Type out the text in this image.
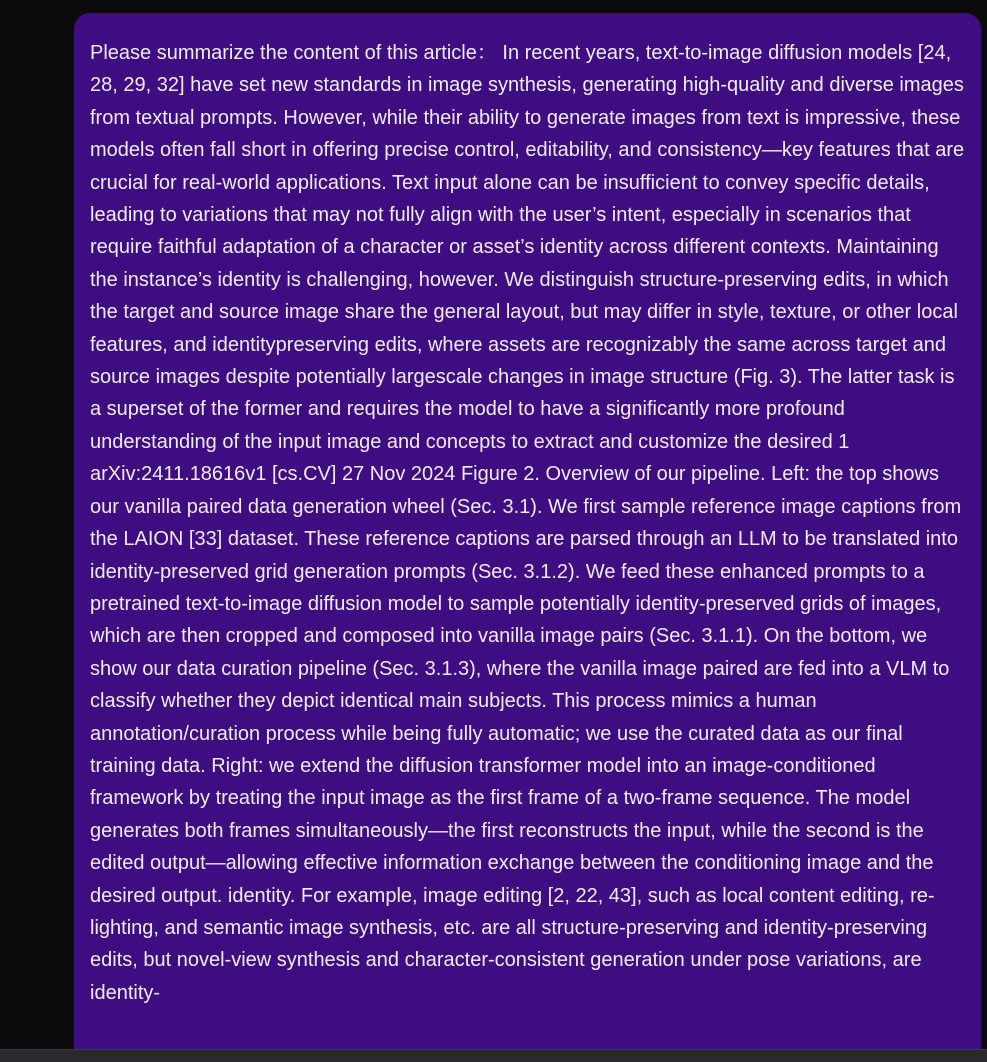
Please summarize the content of this article： In recent years, text-to-image diffusion models [24, 28, 29, 32] have set new standards in image synthesis, generating high-quality and diverse images from textual prompts. However, while their ability to generate images from text is impressive, these models often fall short in offering precise control, editability, and consistency—key features that are crucial for real-world applications. Text input alone can be insufficient to convey specific details, leading to variations that may not fully align with the user’s intent, especially in scenarios that require faithful adaptation of a character or asset’s identity across different contexts. Maintaining the instance’s identity is challenging, however. We distinguish structure-preserving edits, in which the target and source image share the general layout, but may differ in style, texture, or other local features, and identitypreserving edits, where assets are recognizably the same across target and source images despite potentially largescale changes in image structure (Fig. 3). The latter task is a superset of the former and requires the model to have a significantly more profound understanding of the input image and concepts to extract and customize the desired 1 arXiv:2411.18616v1 [cs.CV] 27 Nov 2024 Figure 2. Overview of our pipeline. Left: the top shows our vanilla paired data generation wheel (Sec. 3.1). We first sample reference image captions from the LAION [33] dataset. These reference captions are parsed through an LLM to be translated into identity-preserved grid generation prompts (Sec. 3.1.2). We feed these enhanced prompts to a pretrained text-to-image diffusion model to sample potentially identity-preserved grids of images, which are then cropped and composed into vanilla image pairs (Sec. 3.1.1). On the bottom, we show our data curation pipeline (Sec. 3.1.3), where the vanilla image paired are fed into a VLM to classify whether they depict identical main subjects. This process mimics a human annotation/curation process while being fully automatic; we use the curated data as our final training data. Right: we extend the diffusion transformer model into an image-conditioned framework by treating the input image as the first frame of a two-frame sequence. The model generates both frames simultaneously—the first reconstructs the input, while the second is the edited output—allowing effective information exchange between the conditioning image and the desired output. identity. For example, image editing [2, 22, 43], such as local content editing, re-lighting, and semantic image synthesis, etc. are all structure-preserving and identity-preserving edits, but novel-view synthesis and character-consistent generation under pose variations, are identity-
